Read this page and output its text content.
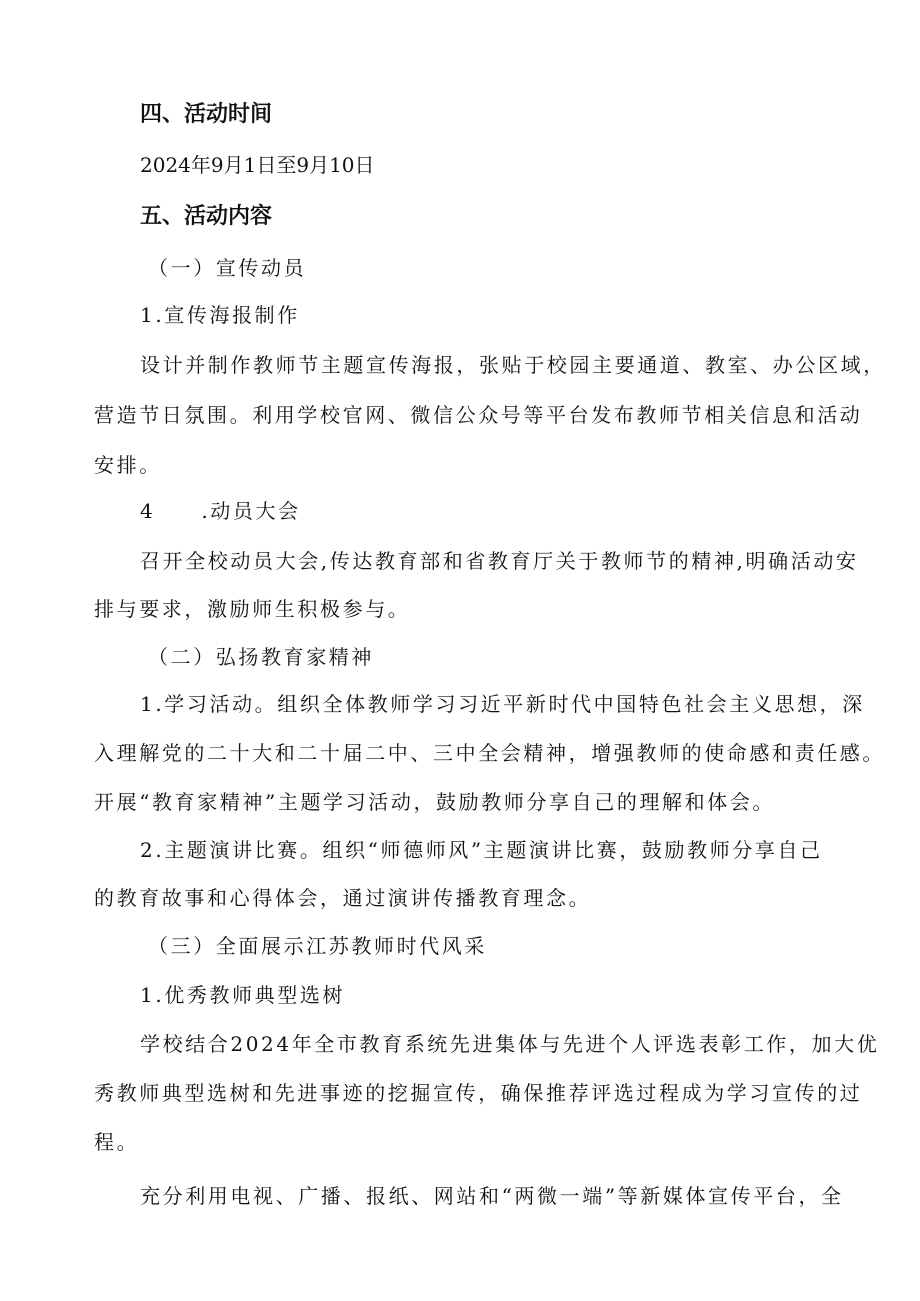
四、活动时间
2024年9月1日至9月10日
五、活动内容
（一）宣传动员
1.宣传海报制作
设计并制作教师节主题宣传海报，张贴于校园主要通道、教室、办公区域，
营造节日氛围。利用学校官网、微信公众号等平台发布教师节相关信息和活动
安排。
4 .动员大会
召开全校动员大会,传达教育部和省教育厅关于教师节的精神,明确活动安
排与要求，激励师生积极参与。
（二）弘扬教育家精神
1.学习活动。组织全体教师学习习近平新时代中国特色社会主义思想，深
入理解党的二十大和二十届二中、三中全会精神，增强教师的使命感和责任感。
开展“教育家精神”主题学习活动，鼓励教师分享自己的理解和体会。
2.主题演讲比赛。组织“师德师风”主题演讲比赛，鼓励教师分享自己
的教育故事和心得体会，通过演讲传播教育理念。
（三）全面展示江苏教师时代风采
1.优秀教师典型选树
学校结合2024年全市教育系统先进集体与先进个人评选表彰工作，加大优
秀教师典型选树和先进事迹的挖掘宣传，确保推荐评选过程成为学习宣传的过
程。
充分利用电视、广播、报纸、网站和“两微一端”等新媒体宣传平台，全
